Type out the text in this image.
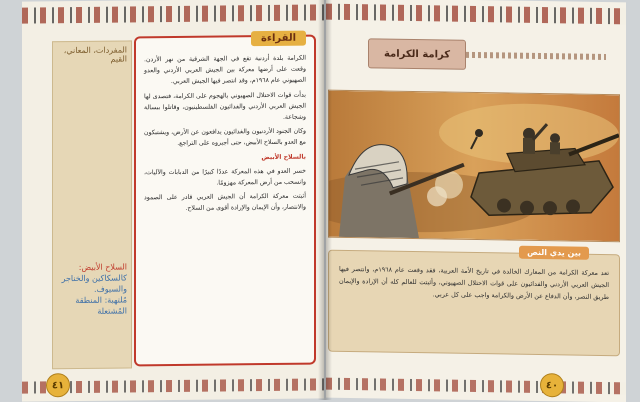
المفردات، المعاني، القيم
السلاح الأبيض:
كالسكاكين والخناجر
والسيوف.
مُلتهبة: المنطقة المُشتعلة
القراءة

الكرامة بلدة أردنية تقع في الجهة الشرقية من نهر الأردن. وقعت على أرضها معركة بين الجيش العربي الأردني والعدو الصهيوني عام ١٩٦٨م، وقد انتصر فيها الجيش العربي.

بدأت قوات الاحتلال الصهيوني بالهجوم على الكرامة، فتصدى لها الجيش العربي الأردني والفدائيون الفلسطينيون، وقاتلوا ببسالة وشجاعة.

وكان الجنود الأردنيون والفدائيون يدافعون عن الأرض، ويشتبكون مع العدو بالسلاح الأبيض، حتى أجبروه على التراجع.

بالسلاح الأبيض

خسر العدو في هذه المعركة عددًا كبيرًا من الدبابات والآليات، وانسحب من أرض المعركة مهزومًا.

أثبتت معركة الكرامة أن الجيش العربي قادر على الصمود والانتصار، وأن الإيمان والإرادة أقوى من السلاح.

٤١
كرامة الكرامة
بين يدي النص
تعد معركة الكرامة من المعارك الخالدة في تاريخ الأمة العربية، فقد وقعت عام ١٩٦٨م، وانتصر فيها الجيش العربي الأردني والفدائيون على قوات الاحتلال الصهيوني، وأثبتت للعالم كله أن الإرادة والإيمان طريق النصر، وأن الدفاع عن الأرض والكرامة واجب على كل عربي.
٤٠
